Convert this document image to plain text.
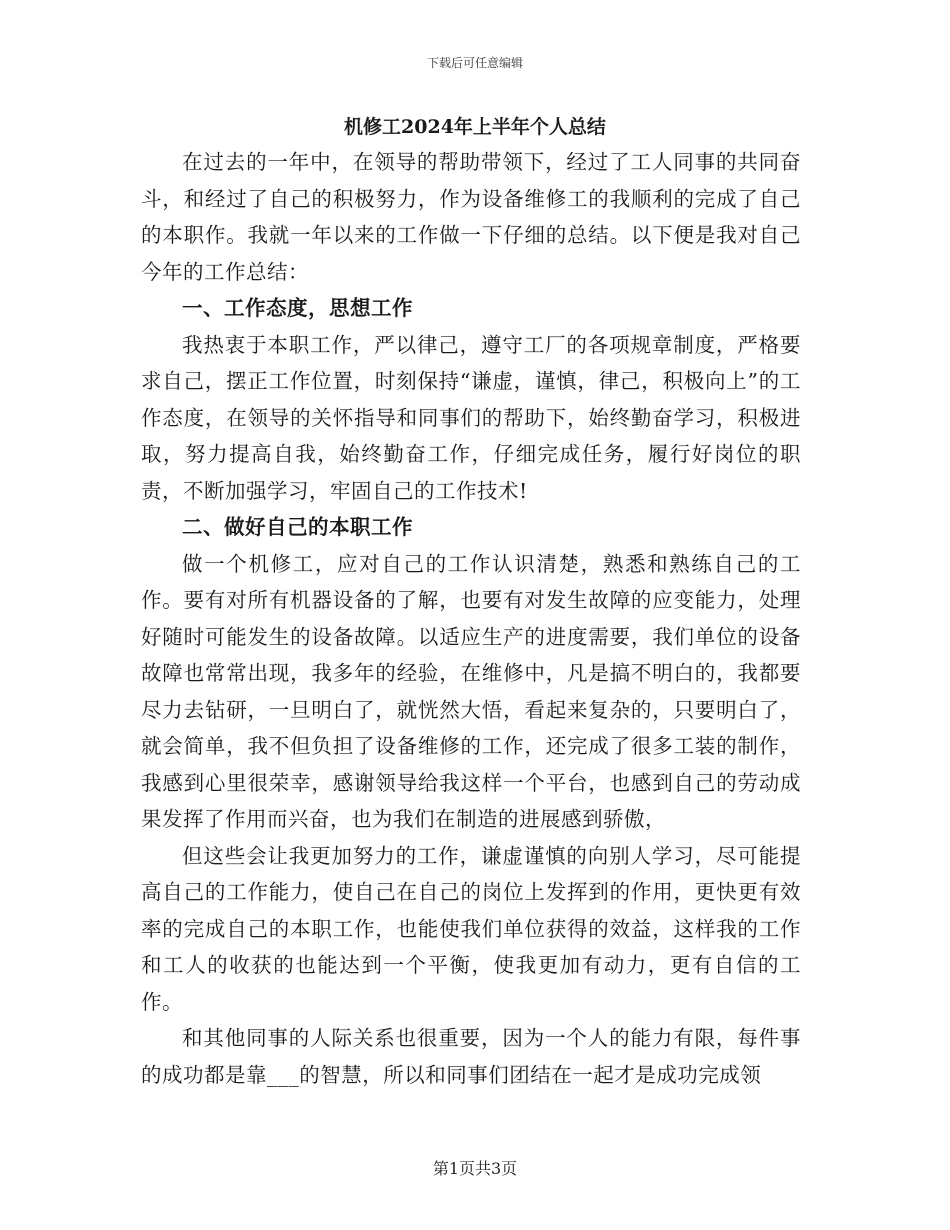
下载后可任意编辑
机修工2024年上半年个人总结

在过去的一年中，在领导的帮助带领下，经过了工人同事的共同奋斗，和经过了自己的积极努力，作为设备维修工的我顺利的完成了自己的本职作。我就一年以来的工作做一下仔细的总结。以下便是我对自己今年的工作总结：

一、工作态度，思想工作

我热衷于本职工作，严以律己，遵守工厂的各项规章制度，严格要求自己，摆正工作位置，时刻保持“谦虚，谨慎，律己，积极向上”的工作态度，在领导的关怀指导和同事们的帮助下，始终勤奋学习，积极进取，努力提高自我，始终勤奋工作，仔细完成任务，履行好岗位的职责，不断加强学习，牢固自己的工作技术!

二、做好自己的本职工作

做一个机修工，应对自己的工作认识清楚，熟悉和熟练自己的工作。要有对所有机器设备的了解，也要有对发生故障的应变能力，处理好随时可能发生的设备故障。以适应生产的进度需要，我们单位的设备故障也常常出现，我多年的经验，在维修中，凡是搞不明白的，我都要尽力去钻研，一旦明白了，就恍然大悟，看起来复杂的，只要明白了，就会简单，我不但负担了设备维修的工作，还完成了很多工装的制作，我感到心里很荣幸，感谢领导给我这样一个平台，也感到自己的劳动成果发挥了作用而兴奋，也为我们在制造的进展感到骄傲，

但这些会让我更加努力的工作，谦虚谨慎的向别人学习，尽可能提高自己的工作能力，使自己在自己的岗位上发挥到的作用，更快更有效率的完成自己的本职工作，也能使我们单位获得的效益，这样我的工作和工人的收获的也能达到一个平衡，使我更加有动力，更有自信的工作。

和其他同事的人际关系也很重要，因为一个人的能力有限，每件事的成功都是靠___的智慧，所以和同事们团结在一起才是成功完成领

第1页共3页
